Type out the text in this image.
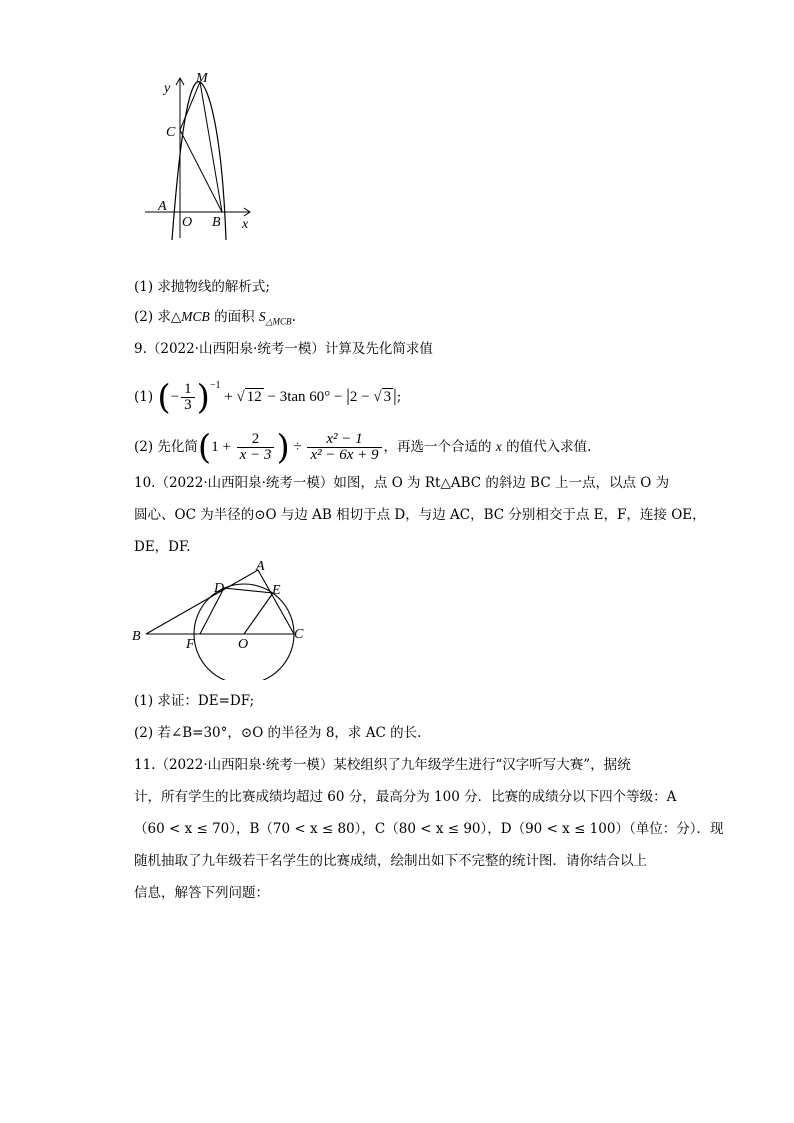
y
M
C
A
O B x
(1) 求抛物线的解析式;
(2) 求△MCB 的面积 $S_{\triangle MCB}$.
9.（2022·山西阳泉·统考一模）计算及先化简求值
(1) (− $\frac{1}{3} )^{-1}$ + √ 12 − 3tan 60° − |2 − √ 3 |;
(2) 先化简($1 + \frac{2}{x - 3}$ ) ÷ $\frac{\text{x² − 1}}{\text{x² − 6x + 9}}$ ，再选一个合适的 x 的值代入求值.
10.（2022·山西阳泉·统考一模）如图，点 O 为 Rt△ABC 的斜边 BC 上一点，以点 O 为
圆心、OC 为半径的⊙O 与边 AB 相切于点 D，与边 AC，BC 分别相交于点 E，F，连接 OE，
DE，DF.
A
D	E
B
F	O
C
(1) 求证：DE=DF;
(2) 若∠B=30°，⊙O 的半径为 8，求 AC 的长.
11.（2022·山西阳泉·统考一模）某校组织了九年级学生进行“汉字听写大赛”，据统
计，所有学生的比赛成绩均超过 60 分，最高分为 100 分．比赛的成绩分以下四个等级：A
（60 < x ≤ 70），B（70 < x ≤ 80），C（80 < x ≤ 90），D（90 < x ≤ 100）（单位：分）．现
随机抽取了九年级若干名学生的比赛成绩，绘制出如下不完整的统计图．请你结合以上
信息，解答下列问题：
